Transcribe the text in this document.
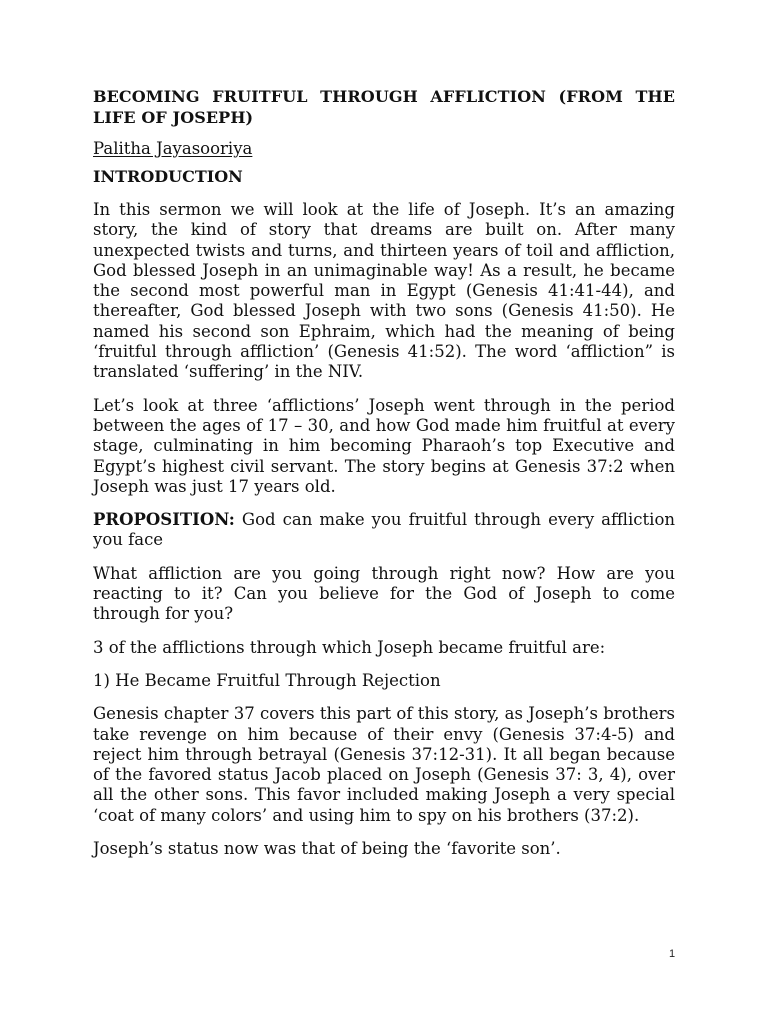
BECOMING FRUITFUL THROUGH AFFLICTION (FROM THE LIFE OF JOSEPH)
Palitha Jayasooriya
INTRODUCTION

In this sermon we will look at the life of Joseph. It’s an amazing story, the kind of story that dreams are built on. After many unexpected twists and turns, and thirteen years of toil and affliction, God blessed Joseph in an unimaginable way! As a result, he became the second most powerful man in Egypt (Genesis 41:41-44), and thereafter, God blessed Joseph with two sons (Genesis 41:50). He named his second son Ephraim, which had the meaning of being ‘fruitful through affliction’ (Genesis 41:52). The word ‘affliction” is translated ‘suffering’ in the NIV.

Let’s look at three ‘afflictions’ Joseph went through in the period between the ages of 17 – 30, and how God made him fruitful at every stage, culminating in him becoming Pharaoh’s top Executive and Egypt’s highest civil servant. The story begins at Genesis 37:2 when Joseph was just 17 years old.

PROPOSITION: God can make you fruitful through every affliction you face

What affliction are you going through right now? How are you reacting to it? Can you believe for the God of Joseph to come through for you?

3 of the afflictions through which Joseph became fruitful are:

1) He Became Fruitful Through Rejection

Genesis chapter 37 covers this part of this story, as Joseph’s brothers take revenge on him because of their envy (Genesis 37:4-5) and reject him through betrayal (Genesis 37:12-31). It all began because of the favored status Jacob placed on Joseph (Genesis 37: 3, 4), over all the other sons. This favor included making Joseph a very special ‘coat of many colors’ and using him to spy on his brothers (37:2).

Joseph’s status now was that of being the ‘favorite son’.

1
